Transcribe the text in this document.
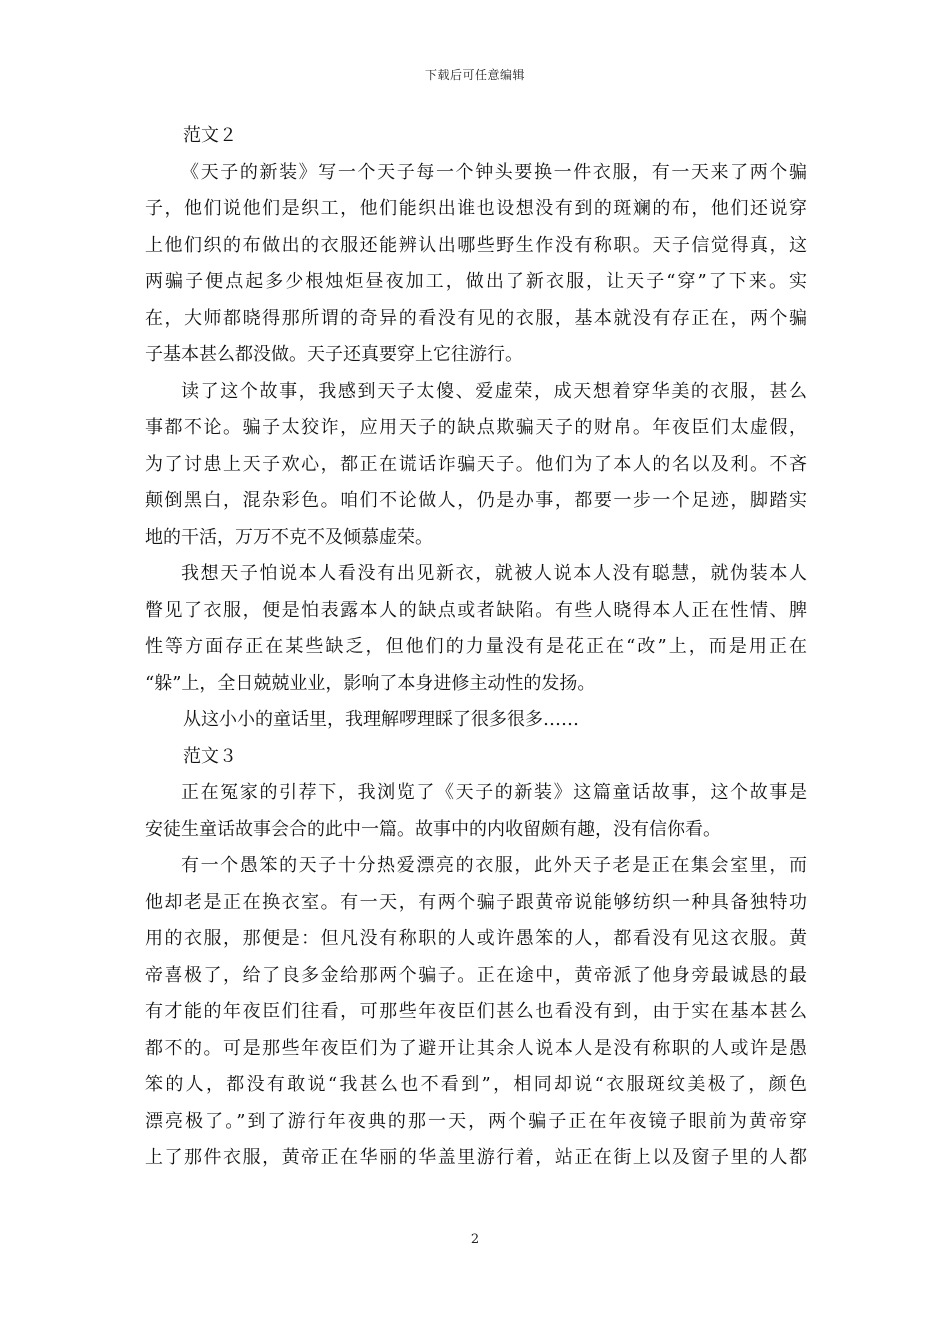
下载后可任意编辑
范文２
《天子的新装》写一个天子每一个钟头要换一件衣服，有一天来了两个骗
子，他们说他们是织工，他们能织出谁也设想没有到的斑斓的布，他们还说穿
上他们织的布做出的衣服还能辨认出哪些野生作没有称职。天子信觉得真，这
两骗子便点起多少根烛炬昼夜加工，做出了新衣服，让天子“穿”了下来。实
在，大师都晓得那所谓的奇异的看没有见的衣服，基本就没有存正在，两个骗
子基本甚么都没做。天子还真要穿上它往游行。
读了这个故事，我感到天子太傻、爱虚荣，成天想着穿华美的衣服，甚么
事都不论。骗子太狡诈，应用天子的缺点欺骗天子的财帛。年夜臣们太虚假，
为了讨患上天子欢心，都正在谎话诈骗天子。他们为了本人的名以及利。不吝
颠倒黑白，混杂彩色。咱们不论做人，仍是办事，都要一步一个足迹，脚踏实
地的干活，万万不克不及倾慕虚荣。
我想天子怕说本人看没有出见新衣，就被人说本人没有聪慧，就伪装本人
瞥见了衣服，便是怕表露本人的缺点或者缺陷。有些人晓得本人正在性情、脾
性等方面存正在某些缺乏，但他们的力量没有是花正在“改”上，而是用正在
“躲”上，全日兢兢业业，影响了本身进修主动性的发扬。
从这小小的童话里，我理解啰理睬了很多很多……
范文３
正在冤家的引荐下，我浏览了《天子的新装》这篇童话故事，这个故事是
安徒生童话故事会合的此中一篇。故事中的内收留颇有趣，没有信你看。
有一个愚笨的天子十分热爱漂亮的衣服，此外天子老是正在集会室里，而
他却老是正在换衣室。有一天，有两个骗子跟黄帝说能够纺织一种具备独特功
用的衣服，那便是：但凡没有称职的人或许愚笨的人，都看没有见这衣服。黄
帝喜极了，给了良多金给那两个骗子。正在途中，黄帝派了他身旁最诚恳的最
有才能的年夜臣们往看，可那些年夜臣们甚么也看没有到，由于实在基本甚么
都不的。可是那些年夜臣们为了避开让其余人说本人是没有称职的人或许是愚
笨的人，都没有敢说“我甚么也不看到”，相同却说“衣服斑纹美极了，颜色
漂亮极了。”到了游行年夜典的那一天，两个骗子正在年夜镜子眼前为黄帝穿
上了那件衣服，黄帝正在华丽的华盖里游行着，站正在街上以及窗子里的人都
2
